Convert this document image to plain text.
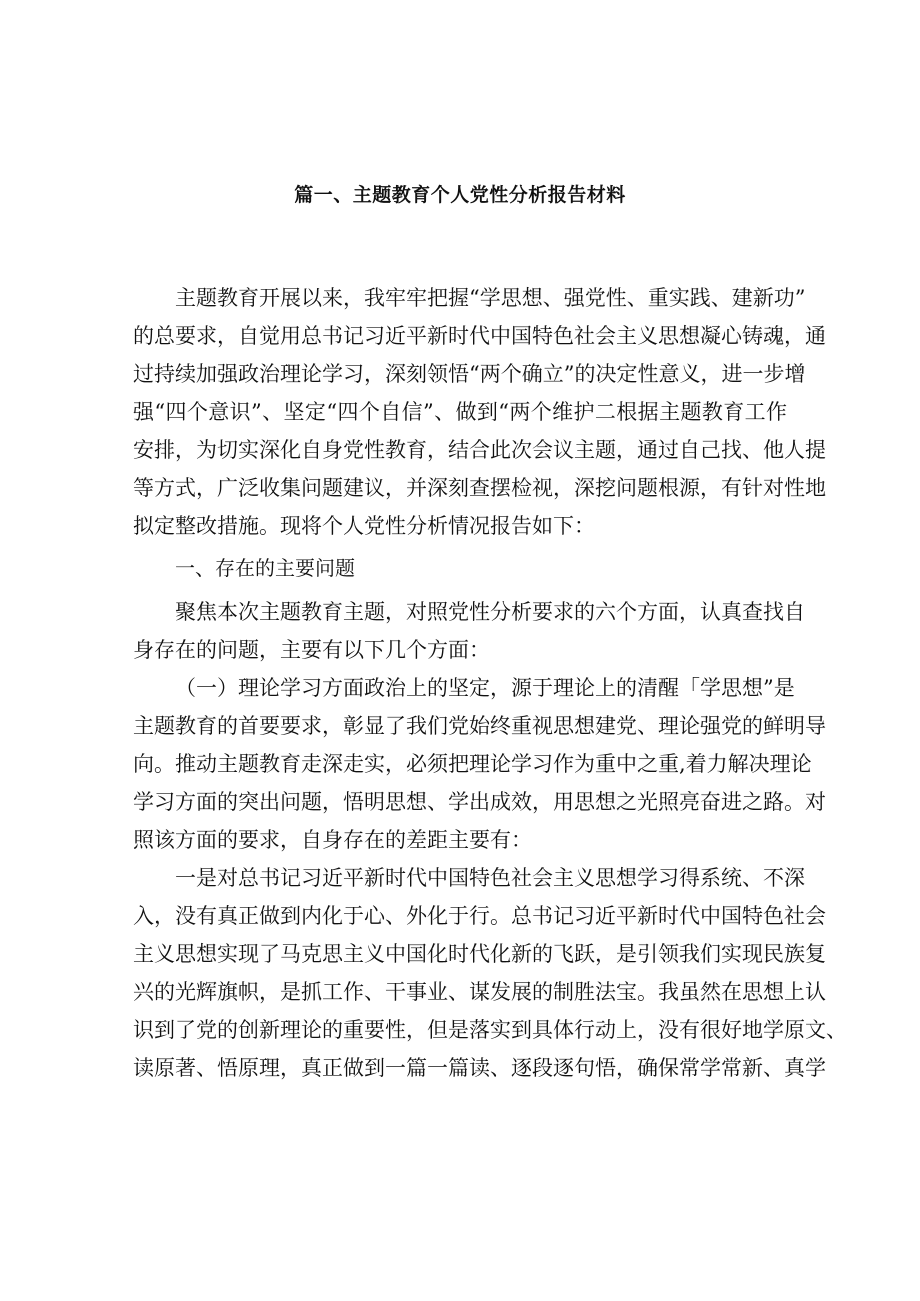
篇一、主题教育个人党性分析报告材料
主题教育开展以来，我牢牢把握“学思想、强党性、重实践、建新功”
的总要求，自觉用总书记习近平新时代中国特色社会主义思想凝心铸魂，通
过持续加强政治理论学习，深刻领悟“两个确立”的决定性意义，进一步增
强“四个意识”、坚定“四个自信”、做到“两个维护二根据主题教育工作
安排，为切实深化自身党性教育，结合此次会议主题，通过自己找、他人提
等方式，广泛收集问题建议，并深刻查摆检视，深挖问题根源，有针对性地
拟定整改措施。现将个人党性分析情况报告如下：
一、存在的主要问题
聚焦本次主题教育主题，对照党性分析要求的六个方面，认真查找自
身存在的问题，主要有以下几个方面：
（一）理论学习方面政治上的坚定，源于理论上的清醒「学思想”是
主题教育的首要要求，彰显了我们党始终重视思想建党、理论强党的鲜明导
向。推动主题教育走深走实，必须把理论学习作为重中之重,着力解决理论
学习方面的突出问题，悟明思想、学出成效，用思想之光照亮奋进之路。对
照该方面的要求，自身存在的差距主要有：
一是对总书记习近平新时代中国特色社会主义思想学习得系统、不深
入，没有真正做到内化于心、外化于行。总书记习近平新时代中国特色社会
主义思想实现了马克思主义中国化时代化新的飞跃，是引领我们实现民族复
兴的光辉旗帜，是抓工作、干事业、谋发展的制胜法宝。我虽然在思想上认
识到了党的创新理论的重要性，但是落实到具体行动上，没有很好地学原文、
读原著、悟原理，真正做到一篇一篇读、逐段逐句悟，确保常学常新、真学
